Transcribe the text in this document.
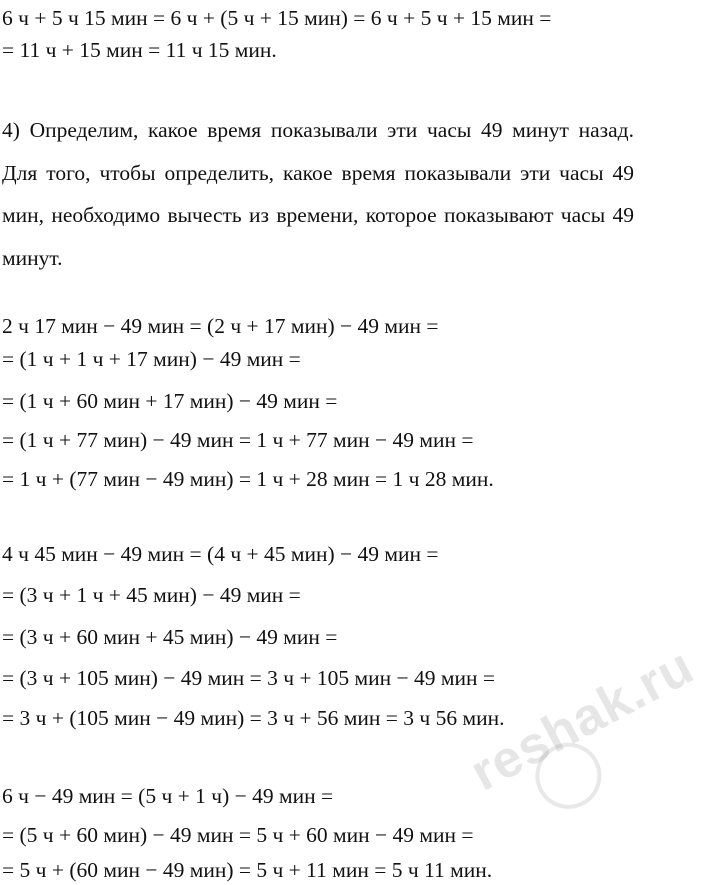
6 ч + 5 ч 15 мин = 6 ч + (5 ч + 15 мин) = 6 ч + 5 ч + 15 мин =
= 11 ч + 15 мин = 11 ч 15 мин.
4) Определим, какое время показывали эти часы 49 минут назад. Для того, чтобы определить, какое время показывали эти часы 49 мин, необходимо вычесть из времени, которое показывают часы 49 минут.
2 ч 17 мин − 49 мин = (2 ч + 17 мин) − 49 мин =
= (1 ч + 1 ч + 17 мин) − 49 мин =
= (1 ч + 60 мин + 17 мин) − 49 мин =
= (1 ч + 77 мин) − 49 мин = 1 ч + 77 мин − 49 мин =
= 1 ч + (77 мин − 49 мин) = 1 ч + 28 мин = 1 ч 28 мин.
4 ч 45 мин − 49 мин = (4 ч + 45 мин) − 49 мин =
= (3 ч + 1 ч + 45 мин) − 49 мин =
= (3 ч + 60 мин + 45 мин) − 49 мин =
= (3 ч + 105 мин) − 49 мин = 3 ч + 105 мин − 49 мин =
= 3 ч + (105 мин − 49 мин) = 3 ч + 56 мин = 3 ч 56 мин.
6 ч − 49 мин = (5 ч + 1 ч) − 49 мин =
= (5 ч + 60 мин) − 49 мин = 5 ч + 60 мин − 49 мин =
= 5 ч + (60 мин − 49 мин) = 5 ч + 11 мин = 5 ч 11 мин.
reshak.ru
